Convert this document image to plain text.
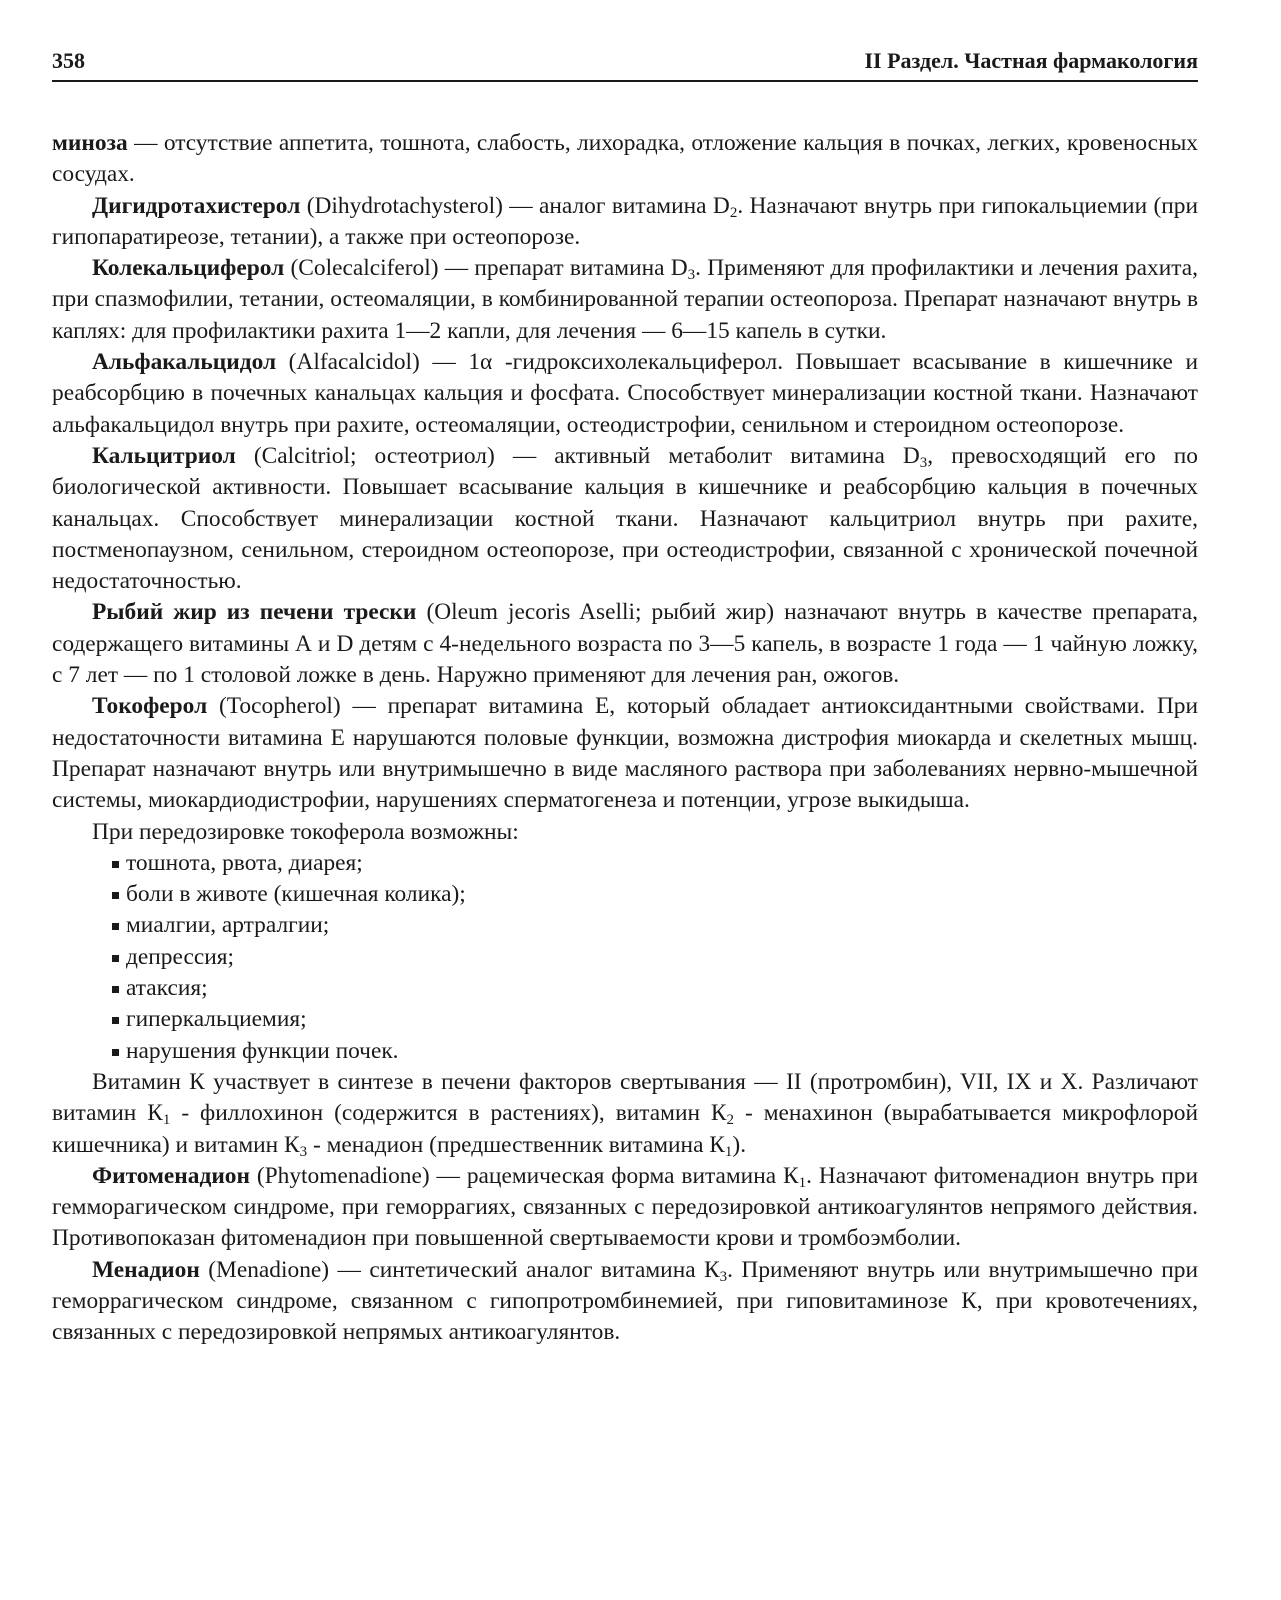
358	II Раздел. Частная фармакология

миноза — отсутствие аппетита, тошнота, слабость, лихорадка, отложение кальция в почках, легких, кровеносных сосудах.

Дигидротахистерол (Dihydrotachysterol) — аналог витамина $D_2$. Назначают внутрь при гипокальциемии (при гипопаратиреозе, тетании), а также при остеопорозе.

Колекальциферол (Colecalciferol) — препарат витамина $D_3$. Применяют для профилактики и лечения рахита, при спазмофилии, тетании, остеомаляции, в комбинированной терапии остеопороза. Препарат назначают внутрь в каплях: для профилактики рахита 1—2 капли, для лечения — 6—15 капель в сутки.

Альфакальцидол (Alfacalcidol) — 1α -гидроксихолекальциферол. Повышает всасывание в кишечнике и реабсорбцию в почечных канальцах кальция и фосфата. Способствует минерализации костной ткани. Назначают альфакальцидол внутрь при рахите, остеомаляции, остеодистрофии, сенильном и стероидном остеопорозе.

Кальцитриол (Calcitriol; остеотриол) — активный метаболит витамина $D_3$, превосходящий его по биологической активности. Повышает всасывание кальция в кишечнике и реабсорбцию кальция в почечных канальцах. Способствует минерализации костной ткани. Назначают кальцитриол внутрь при рахите, постменопаузном, сенильном, стероидном остеопорозе, при остеодистрофии, связанной с хронической почечной недостаточностью.

Рыбий жир из печени трески (Oleum jecoris Aselli; рыбий жир) назначают внутрь в качестве препарата, содержащего витамины А и D детям с 4-недельного возраста по 3—5 капель, в возрасте 1 года — 1 чайную ложку, с 7 лет — по 1 столовой ложке в день. Наружно применяют для лечения ран, ожогов.

Токоферол (Tocopherol) — препарат витамина Е, который обладает антиоксидантными свойствами. При недостаточности витамина Е нарушаются половые функции, возможна дистрофия миокарда и скелетных мышц. Препарат назначают внутрь или внутримышечно в виде масляного раствора при заболеваниях нервно-мышечной системы, миокардиодистрофии, нарушениях сперматогенеза и потенции, угрозе выкидыша.

При передозировке токоферола возможны:

тошнота, рвота, диарея;
боли в животе (кишечная колика);
миалгии, артралгии;
депрессия;
атаксия;
гиперкальциемия;
нарушения функции почек.

Витамин К участвует в синтезе в печени факторов свертывания — II (протромбин), VII, IX и X. Различают витамин $К_1$ - филлохинон (содержится в растениях), витамин $К_2$ - менахинон (вырабатывается микрофлорой кишечника) и витамин $К_3$ - менадион (предшественник витамина $К_1$).

Фитоменадион (Phytomenadione) — рацемическая форма витамина $К_1$. Назначают фитоменадион внутрь при гемморагическом синдроме, при геморрагиях, связанных с передозировкой антикоагулянтов непрямого действия. Противопоказан фитоменадион при повышенной свертываемости крови и тромбоэмболии.

Менадион (Menadione) — синтетический аналог витамина $К_3$. Применяют внутрь или внутримышечно при геморрагическом синдроме, связанном с гипопротромбинемией, при гиповитаминозе К, при кровотечениях, связанных с передозировкой непрямых антикоагулянтов.
